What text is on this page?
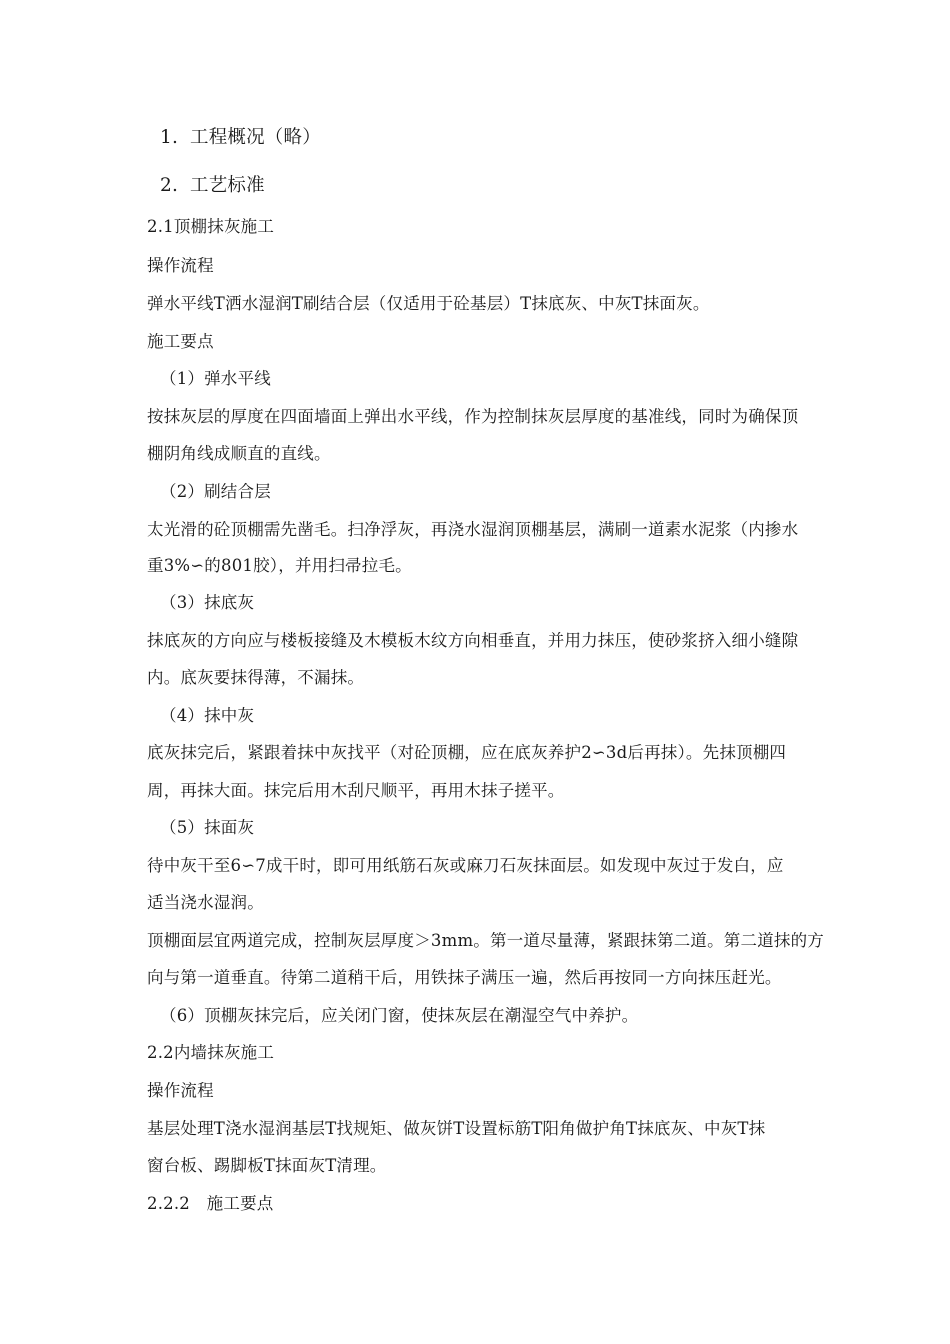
1. 工程概况（略）
2. 工艺标准
2.1顶棚抹灰施工
操作流程
弹水平线T洒水湿润T刷结合层（仅适用于砼基层）T抹底灰、中灰T抹面灰。
施工要点
（1）弹水平线
按抹灰层的厚度在四面墙面上弹出水平线，作为控制抹灰层厚度的基准线，同时为确保顶
棚阴角线成顺直的直线。
（2）刷结合层
太光滑的砼顶棚需先凿毛。扫净浮灰，再浇水湿润顶棚基层，满刷一道素水泥浆（内掺水
重3%∽的801胶），并用扫帚拉毛。
（3）抹底灰
抹底灰的方向应与楼板接缝及木模板木纹方向相垂直，并用力抹压，使砂浆挤入细小缝隙
内。底灰要抹得薄，不漏抹。
（4）抹中灰
底灰抹完后，紧跟着抹中灰找平（对砼顶棚，应在底灰养护2∽3d后再抹）。先抹顶棚四
周，再抹大面。抹完后用木刮尺顺平，再用木抹子搓平。
（5）抹面灰
待中灰干至6∽7成干时，即可用纸筋石灰或麻刀石灰抹面层。如发现中灰过于发白，应
适当浇水湿润。
顶棚面层宜两道完成，控制灰层厚度＞3mm。第一道尽量薄，紧跟抹第二道。第二道抹的方
向与第一道垂直。待第二道稍干后，用铁抹子满压一遍，然后再按同一方向抹压赶光。
（6）顶棚灰抹完后，应关闭门窗，使抹灰层在潮湿空气中养护。
2.2内墙抹灰施工
操作流程
基层处理T浇水湿润基层T找规矩、做灰饼T设置标筋T阳角做护角T抹底灰、中灰T抹
窗台板、踢脚板T抹面灰T清理。
2.2.2　施工要点
